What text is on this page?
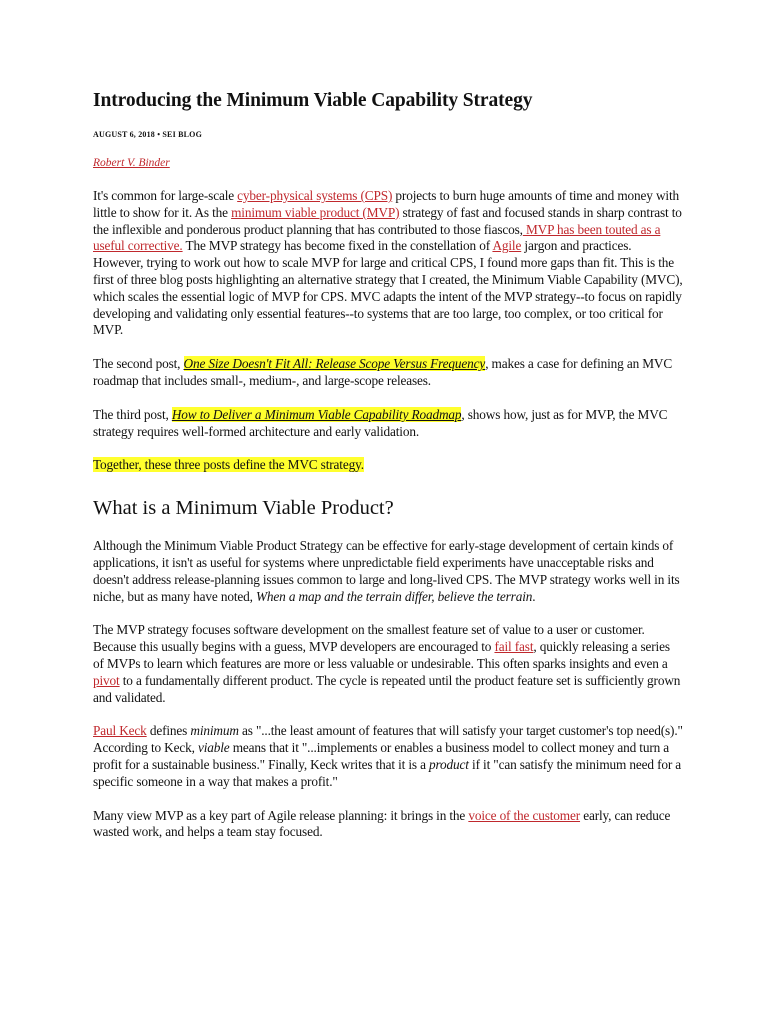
Introducing the Minimum Viable Capability Strategy
AUGUST 6, 2018 • SEI BLOG
Robert V. Binder

It's common for large-scale cyber-physical systems (CPS) projects to burn huge amounts of time and money with little to show for it. As the minimum viable product (MVP) strategy of fast and focused stands in sharp contrast to the inflexible and ponderous product planning that has contributed to those fiascos, MVP has been touted as a useful corrective. The MVP strategy has become fixed in the constellation of Agile jargon and practices. However, trying to work out how to scale MVP for large and critical CPS, I found more gaps than fit. This is the first of three blog posts highlighting an alternative strategy that I created, the Minimum Viable Capability (MVC), which scales the essential logic of MVP for CPS. MVC adapts the intent of the MVP strategy--to focus on rapidly developing and validating only essential features--to systems that are too large, too complex, or too critical for MVP.

The second post, One Size Doesn't Fit All: Release Scope Versus Frequency, makes a case for defining an MVC roadmap that includes small-, medium-, and large-scope releases.

The third post, How to Deliver a Minimum Viable Capability Roadmap, shows how, just as for MVP, the MVC strategy requires well-formed architecture and early validation.

Together, these three posts define the MVC strategy.

What is a Minimum Viable Product?

Although the Minimum Viable Product Strategy can be effective for early-stage development of certain kinds of applications, it isn't as useful for systems where unpredictable field experiments have unacceptable risks and doesn't address release-planning issues common to large and long-lived CPS. The MVP strategy works well in its niche, but as many have noted, When a map and the terrain differ, believe the terrain.

The MVP strategy focuses software development on the smallest feature set of value to a user or customer. Because this usually begins with a guess, MVP developers are encouraged to fail fast, quickly releasing a series of MVPs to learn which features are more or less valuable or undesirable. This often sparks insights and even a pivot to a fundamentally different product. The cycle is repeated until the product feature set is sufficiently grown and validated.

Paul Keck defines minimum as "...the least amount of features that will satisfy your target customer's top need(s)." According to Keck, viable means that it "...implements or enables a business model to collect money and turn a profit for a sustainable business." Finally, Keck writes that it is a product if it "can satisfy the minimum need for a specific someone in a way that makes a profit."

Many view MVP as a key part of Agile release planning: it brings in the voice of the customer early, can reduce wasted work, and helps a team stay focused.
